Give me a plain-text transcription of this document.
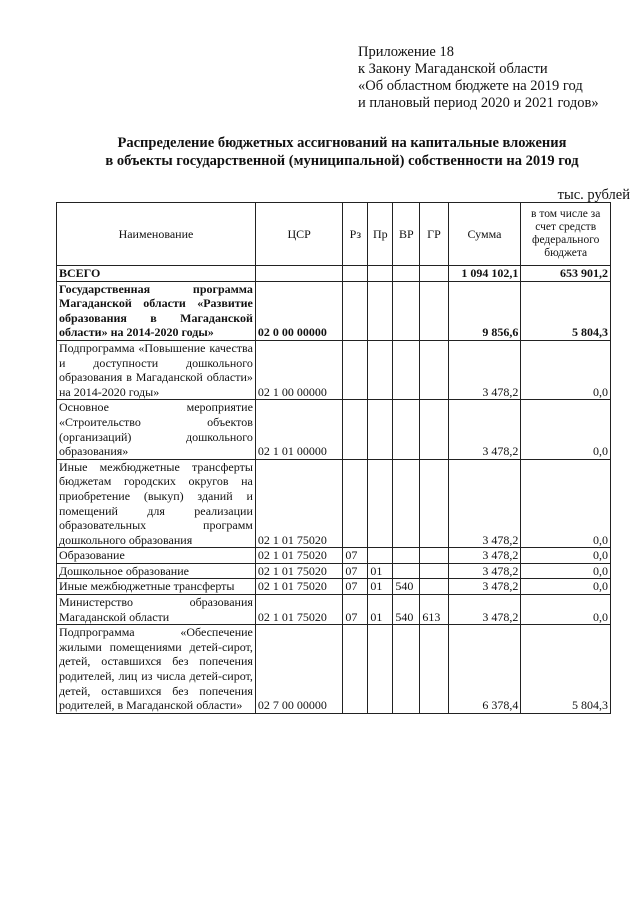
Приложение 18
к Закону Магаданской области
«Об областном бюджете на 2019 год
и плановый период 2020 и 2021 годов»
Распределение бюджетных ассигнований на капитальные вложения
в объекты государственной (муниципальной) собственности на 2019 год
тыс. рублей
Наименование	ЦСР	Рз	Пр	ВР	ГР	Сумма	в том числе за счет средств федерального бюджета
ВСЕГО						1 094 102,1	653 901,2
Государственная программа Магаданской области «Развитие образования в Магаданской области» на 2014-2020 годы»	02 0 00 00000					9 856,6	5 804,3
Подпрограмма «Повышение качества и доступности дошкольного образования в Магаданской области» на 2014-2020 годы»	02 1 00 00000					3 478,2	0,0
Основное мероприятие «Строительство объектов (организаций) дошкольного образования»	02 1 01 00000					3 478,2	0,0
Иные межбюджетные трансферты бюджетам городских округов на приобретение (выкуп) зданий и помещений для реализации образовательных программ дошкольного образования	02 1 01 75020					3 478,2	0,0
Образование	02 1 01 75020	07				3 478,2	0,0
Дошкольное образование	02 1 01 75020	07	01			3 478,2	0,0
Иные межбюджетные трансферты	02 1 01 75020	07	01	540		3 478,2	0,0
Министерство образования Магаданской области	02 1 01 75020	07	01	540	613	3 478,2	0,0
Подпрограмма «Обеспечение жилыми помещениями детей-сирот, детей, оставшихся без попечения родителей, лиц из числа детей-сирот, детей, оставшихся без попечения родителей, в Магаданской области»	02 7 00 00000					6 378,4	5 804,3
